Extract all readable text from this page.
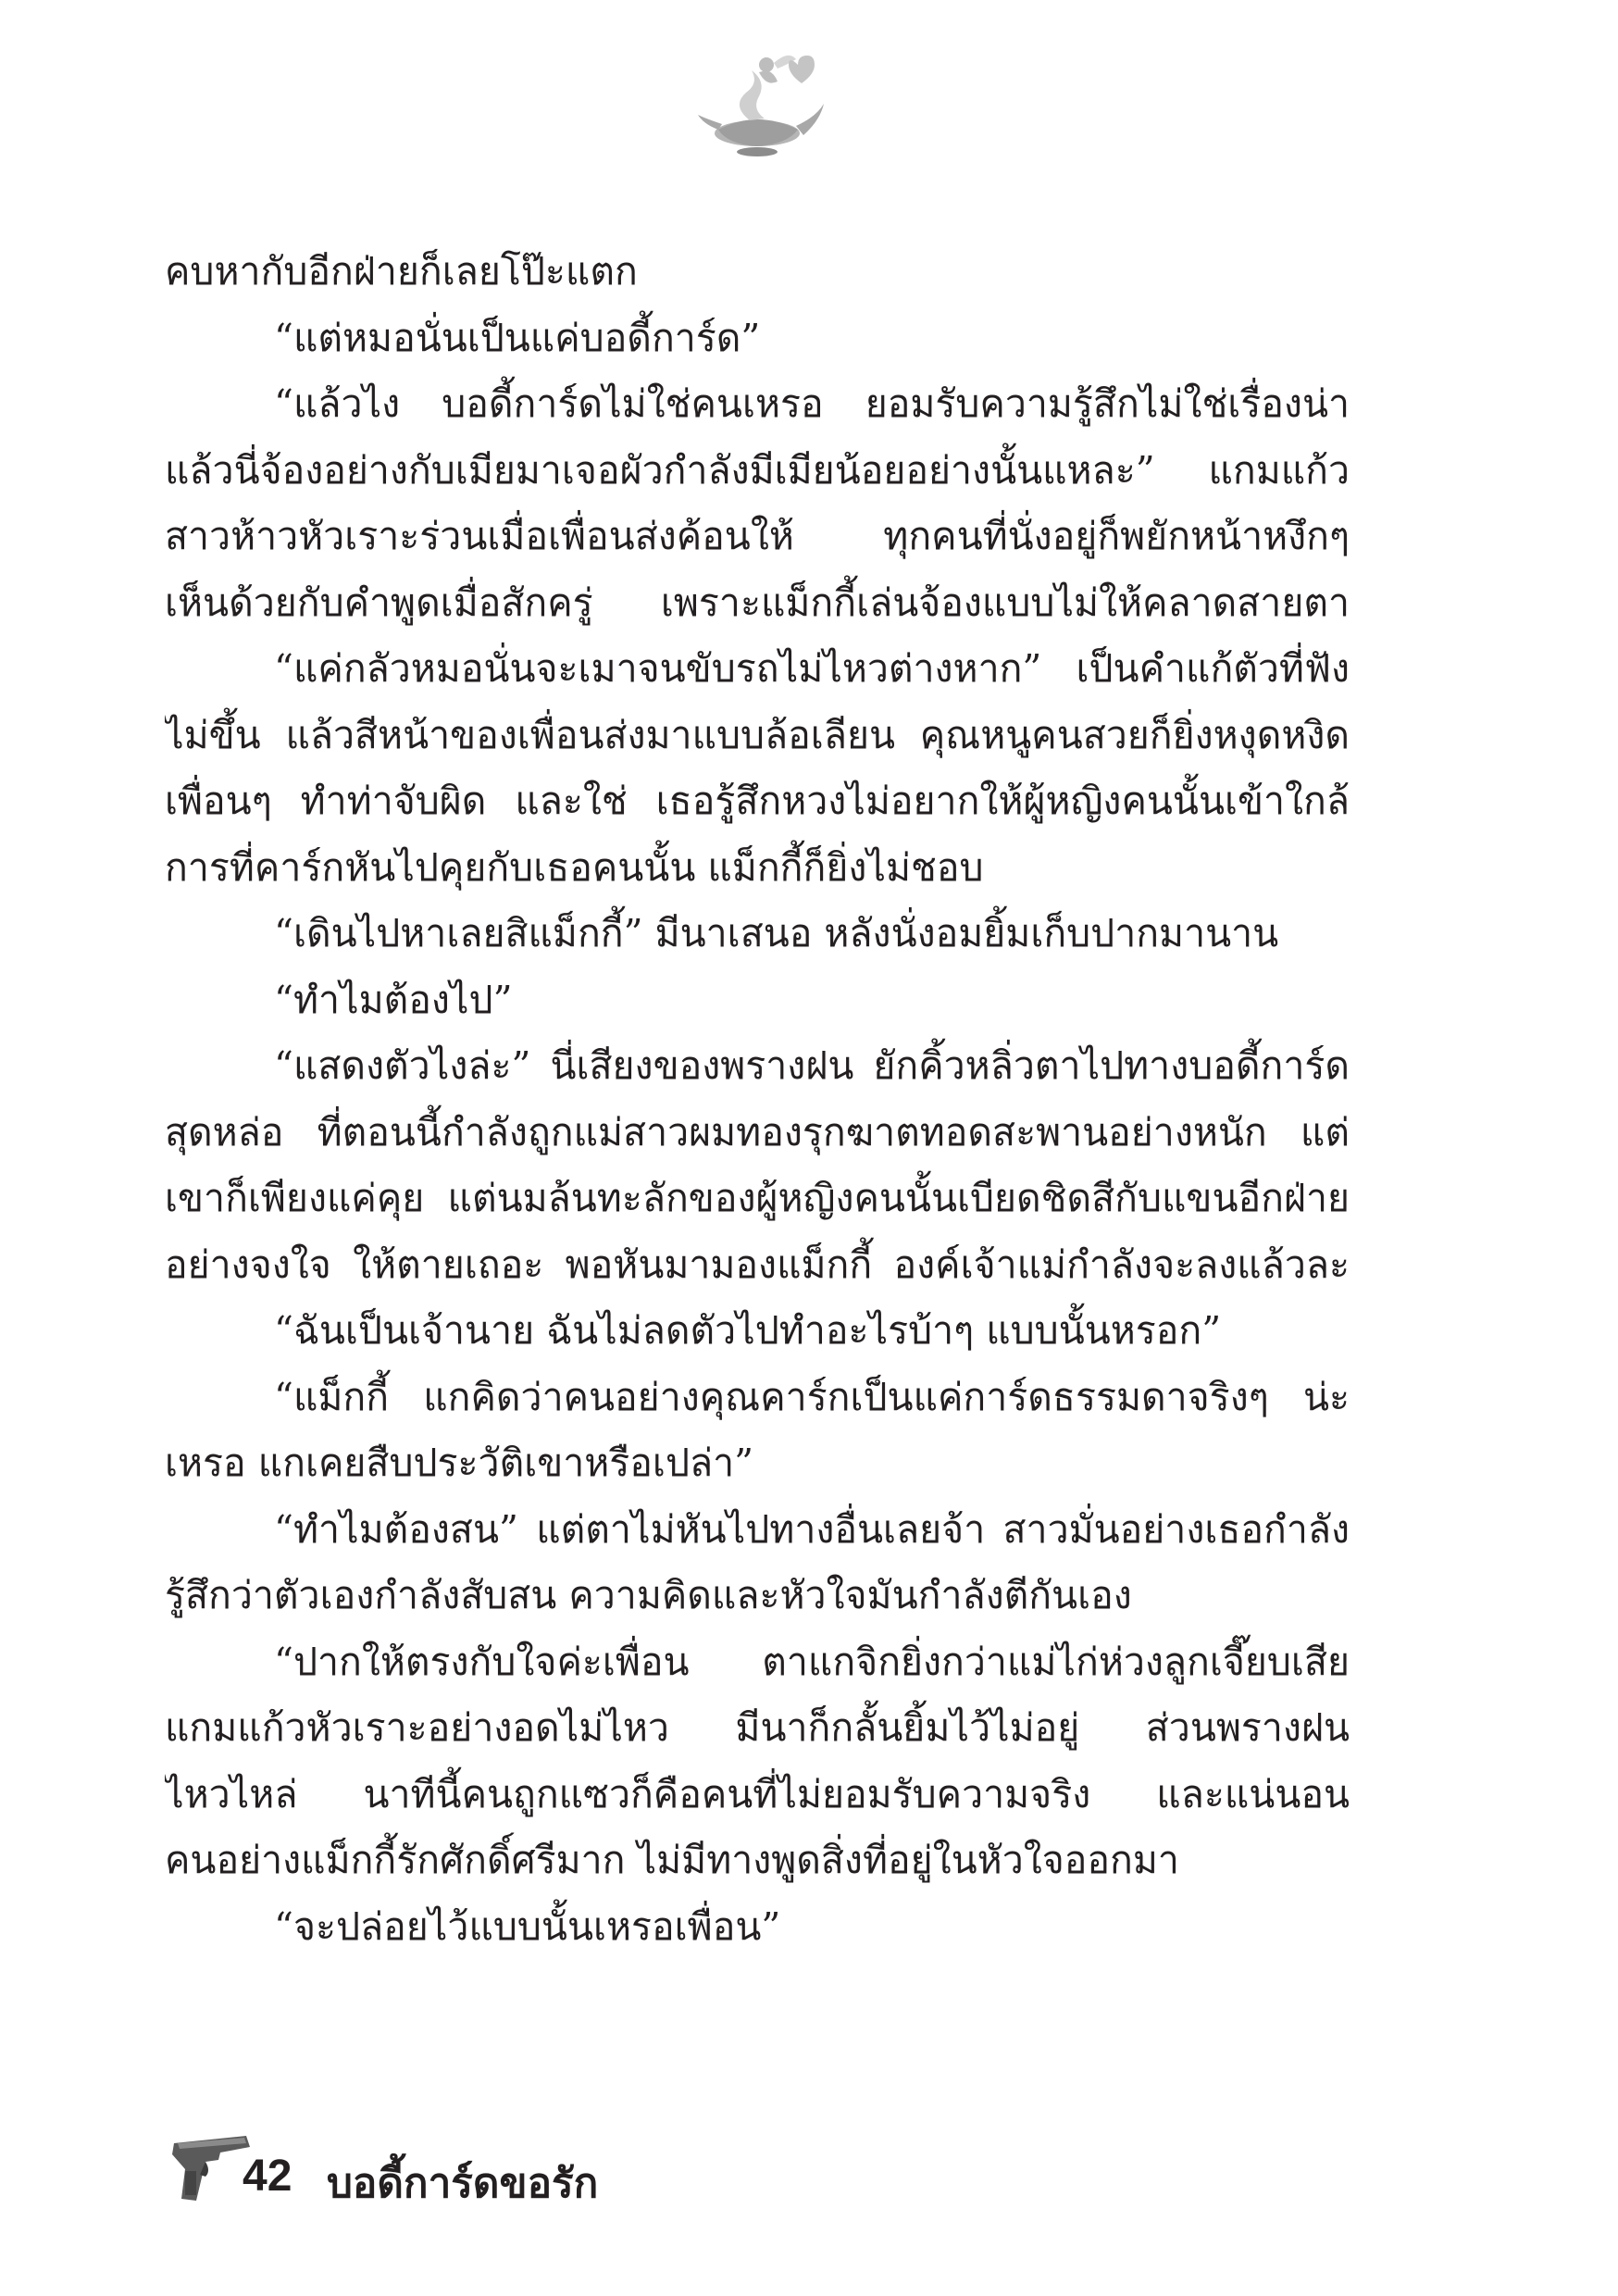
คบหากับอีกฝ่ายก็เลยโป๊ะแตก
“แต่หมอนั่นเป็นแค่บอดี้การ์ด”
“แล้วไง บอดี้การ์ดไม่ใช่คนเหรอ ยอมรับความรู้สึกไม่ใช่เรื่องน่า
แล้วนี่จ้องอย่างกับเมียมาเจอผัวกำลังมีเมียน้อยอย่างนั้นแหละ” แกมแก้ว
สาวห้าวหัวเราะร่วนเมื่อเพื่อนส่งค้อนให้ ทุกคนที่นั่งอยู่ก็พยักหน้าหงึกๆ
เห็นด้วยกับคำพูดเมื่อสักครู่ เพราะแม็กกี้เล่นจ้องแบบไม่ให้คลาดสายตา
“แค่กลัวหมอนั่นจะเมาจนขับรถไม่ไหวต่างหาก” เป็นคำแก้ตัวที่ฟัง
ไม่ขึ้น แล้วสีหน้าของเพื่อนส่งมาแบบล้อเลียน คุณหนูคนสวยก็ยิ่งหงุดหงิด
เพื่อนๆ ทำท่าจับผิด และใช่ เธอรู้สึกหวงไม่อยากให้ผู้หญิงคนนั้นเข้าใกล้
การที่คาร์กหันไปคุยกับเธอคนนั้น แม็กกี้ก็ยิ่งไม่ชอบ
“เดินไปหาเลยสิแม็กกี้” มีนาเสนอ หลังนั่งอมยิ้มเก็บปากมานาน
“ทำไมต้องไป”
“แสดงตัวไงล่ะ” นี่เสียงของพรางฝน ยักคิ้วหลิ่วตาไปทางบอดี้การ์ด
สุดหล่อ ที่ตอนนี้กำลังถูกแม่สาวผมทองรุกฆาตทอดสะพานอย่างหนัก แต่
เขาก็เพียงแค่คุย แต่นมล้นทะลักของผู้หญิงคนนั้นเบียดชิดสีกับแขนอีกฝ่าย
อย่างจงใจ ให้ตายเถอะ พอหันมามองแม็กกี้ องค์เจ้าแม่กำลังจะลงแล้วละ
“ฉันเป็นเจ้านาย ฉันไม่ลดตัวไปทำอะไรบ้าๆ แบบนั้นหรอก”
“แม็กกี้ แกคิดว่าคนอย่างคุณคาร์กเป็นแค่การ์ดธรรมดาจริงๆ น่ะ
เหรอ แกเคยสืบประวัติเขาหรือเปล่า”
“ทำไมต้องสน” แต่ตาไม่หันไปทางอื่นเลยจ้า สาวมั่นอย่างเธอกำลัง
รู้สึกว่าตัวเองกำลังสับสน ความคิดและหัวใจมันกำลังตีกันเอง
“ปากให้ตรงกับใจค่ะเพื่อน ตาแกจิกยิ่งกว่าแม่ไก่ห่วงลูกเจี๊ยบเสีย
แกมแก้วหัวเราะอย่างอดไม่ไหว มีนาก็กลั้นยิ้มไว้ไม่อยู่ ส่วนพรางฝน
ไหวไหล่ นาทีนี้คนถูกแซวก็คือคนที่ไม่ยอมรับความจริง และแน่นอน
คนอย่างแม็กกี้รักศักดิ์ศรีมาก ไม่มีทางพูดสิ่งที่อยู่ในหัวใจออกมา
“จะปล่อยไว้แบบนั้นเหรอเพื่อน”
42 บอดี้การ์ดขอรัก
